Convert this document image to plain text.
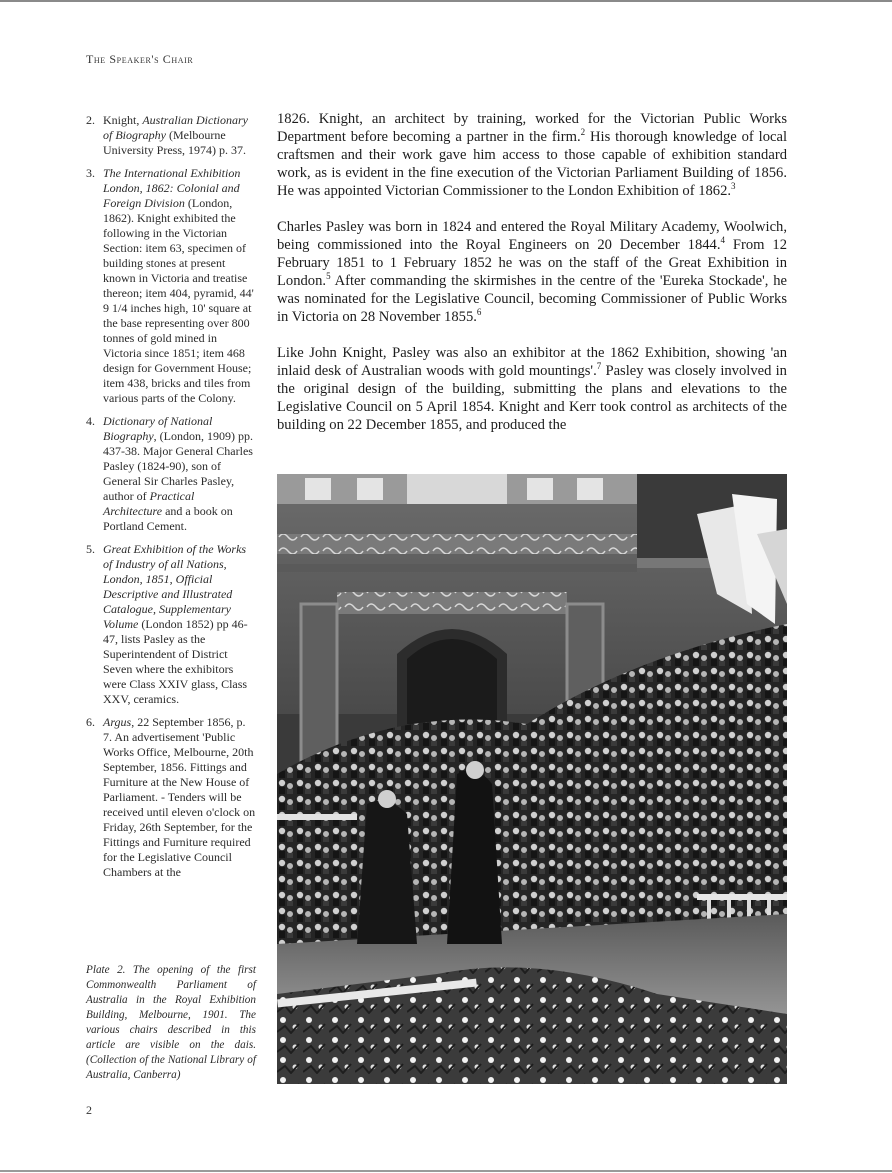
The Speaker's Chair
2. Knight, Australian Dictionary of Biography (Melbourne University Press, 1974) p. 37.
3. The International Exhibition London, 1862: Colonial and Foreign Division (London, 1862). Knight exhibited the following in the Victorian Section: item 63, specimen of building stones at present known in Victoria and treatise thereon; item 404, pyramid, 44' 9 1/4 inches high, 10' square at the base representing over 800 tonnes of gold mined in Victoria since 1851; item 468 design for Government House; item 438, bricks and tiles from various parts of the Colony.
4. Dictionary of National Biography, (London, 1909) pp. 437-38. Major General Charles Pasley (1824-90), son of General Sir Charles Pasley, author of Practical Architecture and a book on Portland Cement.
5. Great Exhibition of the Works of Industry of all Nations, London, 1851, Official Descriptive and Illustrated Catalogue, Supplementary Volume (London 1852) pp 46-47, lists Pasley as the Superintendent of District Seven where the exhibitors were Class XXIV glass, Class XXV, ceramics.
6. Argus, 22 September 1856, p. 7. An advertisement 'Public Works Office, Melbourne, 20th September, 1856. Fittings and Furniture at the New House of Parliament. - Tenders will be received until eleven o'clock on Friday, 26th September, for the Fittings and Furniture required for the Legislative Council Chambers at the

Plate 2. The opening of the first Commonwealth Parliament of Australia in the Royal Exhibition Building, Melbourne, 1901. The various chairs described in this article are visible on the dais. (Collection of the National Library of Australia, Canberra)

2

1826. Knight, an architect by training, worked for the Victorian Public Works Department before becoming a partner in the firm.$^2$ His thorough knowledge of local craftsmen and their work gave him access to those capable of exhibition standard work, as is evident in the fine execution of the Victorian Parliament Building of 1856. He was appointed Victorian Commissioner to the London Exhibition of 1862.$^3$

Charles Pasley was born in 1824 and entered the Royal Military Academy, Woolwich, being commissioned into the Royal Engineers on 20 December 1844.$^4$ From 12 February 1851 to 1 February 1852 he was on the staff of the Great Exhibition in London.$^5$ After commanding the skirmishes in the centre of the 'Eureka Stockade', he was nominated for the Legislative Council, becoming Commissioner of Public Works in Victoria on 28 November 1855.$^6$

Like John Knight, Pasley was also an exhibitor at the 1862 Exhibition, showing 'an inlaid desk of Australian woods with gold mountings'.$^7$ Pasley was closely involved in the original design of the building, submitting the plans and elevations to the Legislative Council on 5 April 1854. Knight and Kerr took control as architects of the building on 22 December 1855, and produced the
